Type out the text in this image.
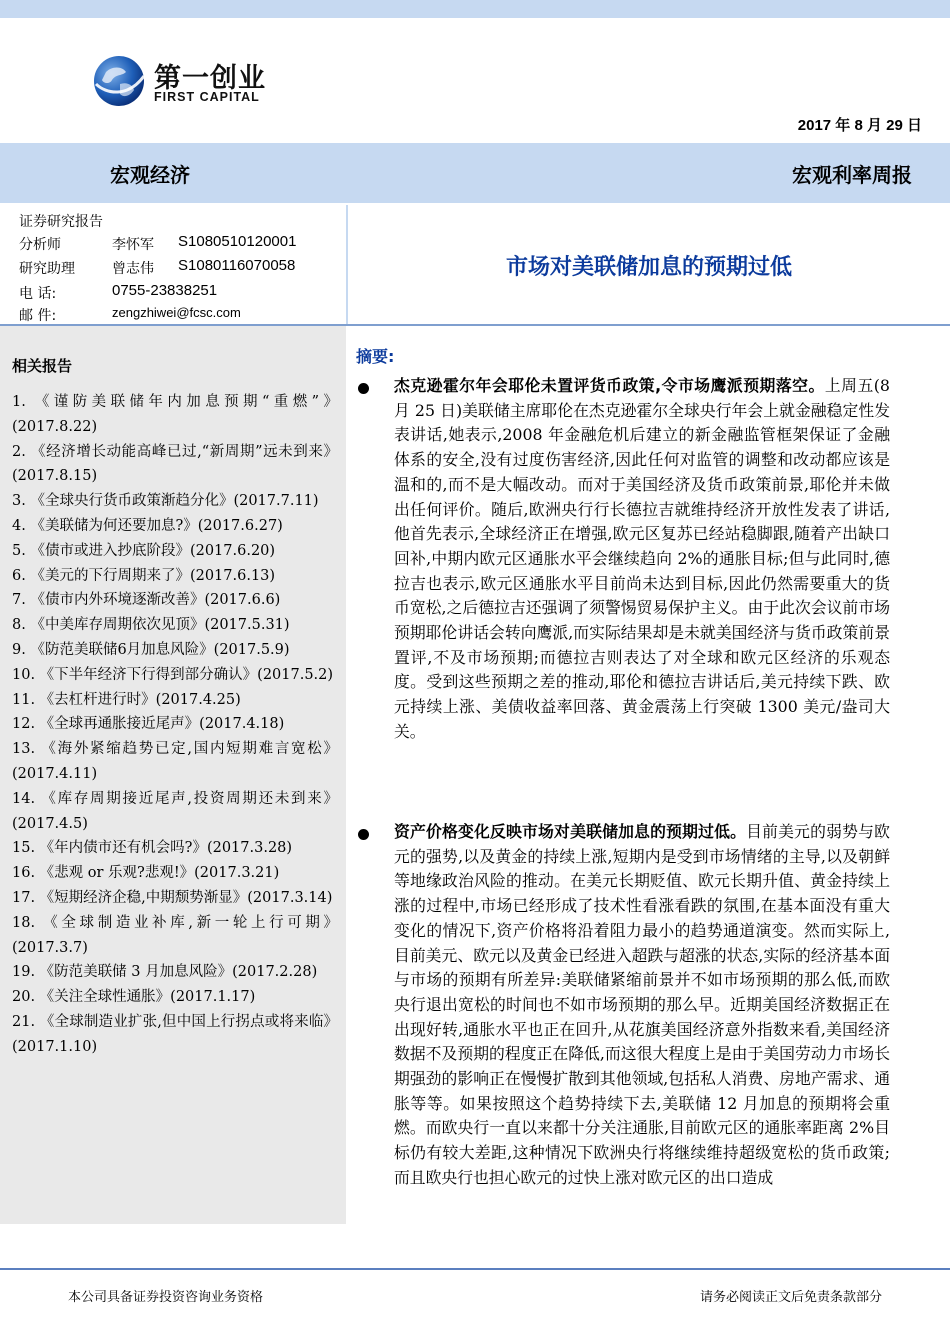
第一创业
FIRST CAPITAL
2017 年 8 月 29 日
宏观经济	宏观利率周报
证券研究报告
分析师	李怀军 S1080510120001
研究助理	曾志伟 S1080116070058
电 话:	0755-23838251
邮 件:	zengzhiwei@fcsc.com
市场对美联储加息的预期过低
相关报告
1. 《谨防美联储年内加息预期“重燃”》(2017.8.22)
2. 《经济增长动能高峰已过,“新周期”远未到来》(2017.8.15)
3. 《全球央行货币政策渐趋分化》(2017.7.11)
4. 《美联储为何还要加息?》(2017.6.27)
5. 《债市或进入抄底阶段》(2017.6.20)
6. 《美元的下行周期来了》(2017.6.13)
7. 《债市内外环境逐渐改善》(2017.6.6)
8. 《中美库存周期依次见顶》(2017.5.31)
9. 《防范美联储6月加息风险》(2017.5.9)
10. 《下半年经济下行得到部分确认》(2017.5.2)
11. 《去杠杆进行时》(2017.4.25)
12. 《全球再通胀接近尾声》(2017.4.18)
13. 《海外紧缩趋势已定,国内短期难言宽松》(2017.4.11)
14. 《库存周期接近尾声,投资周期还未到来》(2017.4.5)
15. 《年内债市还有机会吗?》(2017.3.28)
16. 《悲观 or 乐观?悲观!》(2017.3.21)
17. 《短期经济企稳,中期颓势渐显》(2017.3.14)
18. 《全球制造业补库,新一轮上行可期》(2017.3.7)
19. 《防范美联储 3 月加息风险》(2017.2.28)
20. 《关注全球性通胀》(2017.1.17)
21. 《全球制造业扩张,但中国上行拐点或将来临》(2017.1.10)
摘要:
杰克逊霍尔年会耶伦未置评货币政策,令市场鹰派预期落空。上周五(8 月 25 日)美联储主席耶伦在杰克逊霍尔全球央行年会上就金融稳定性发表讲话,她表示,2008 年金融危机后建立的新金融监管框架保证了金融体系的安全,没有过度伤害经济,因此任何对监管的调整和改动都应该是温和的,而不是大幅改动。而对于美国经济及货币政策前景,耶伦并未做出任何评价。随后,欧洲央行行长德拉吉就维持经济开放性发表了讲话,他首先表示,全球经济正在增强,欧元区复苏已经站稳脚跟,随着产出缺口回补,中期内欧元区通胀水平会继续趋向 2%的通胀目标;但与此同时,德拉吉也表示,欧元区通胀水平目前尚未达到目标,因此仍然需要重大的货币宽松,之后德拉吉还强调了须警惕贸易保护主义。由于此次会议前市场预期耶伦讲话会转向鹰派,而实际结果却是未就美国经济与货币政策前景置评,不及市场预期;而德拉吉则表达了对全球和欧元区经济的乐观态度。受到这些预期之差的推动,耶伦和德拉吉讲话后,美元持续下跌、欧元持续上涨、美债收益率回落、黄金震荡上行突破 1300 美元/盎司大关。
资产价格变化反映市场对美联储加息的预期过低。目前美元的弱势与欧元的强势,以及黄金的持续上涨,短期内是受到市场情绪的主导,以及朝鲜等地缘政治风险的推动。在美元长期贬值、欧元长期升值、黄金持续上涨的过程中,市场已经形成了技术性看涨看跌的氛围,在基本面没有重大变化的情况下,资产价格将沿着阻力最小的趋势通道演变。然而实际上,目前美元、欧元以及黄金已经进入超跌与超涨的状态,实际的经济基本面与市场的预期有所差异:美联储紧缩前景并不如市场预期的那么低,而欧央行退出宽松的时间也不如市场预期的那么早。近期美国经济数据正在出现好转,通胀水平也正在回升,从花旗美国经济意外指数来看,美国经济数据不及预期的程度正在降低,而这很大程度上是由于美国劳动力市场长期强劲的影响正在慢慢扩散到其他领域,包括私人消费、房地产需求、通胀等等。如果按照这个趋势持续下去,美联储 12 月加息的预期将会重燃。而欧央行一直以来都十分关注通胀,目前欧元区的通胀率距离 2%目标仍有较大差距,这种情况下欧洲央行将继续维持超级宽松的货币政策;而且欧央行也担心欧元的过快上涨对欧元区的出口造成
本公司具备证券投资咨询业务资格	请务必阅读正文后免责条款部分
